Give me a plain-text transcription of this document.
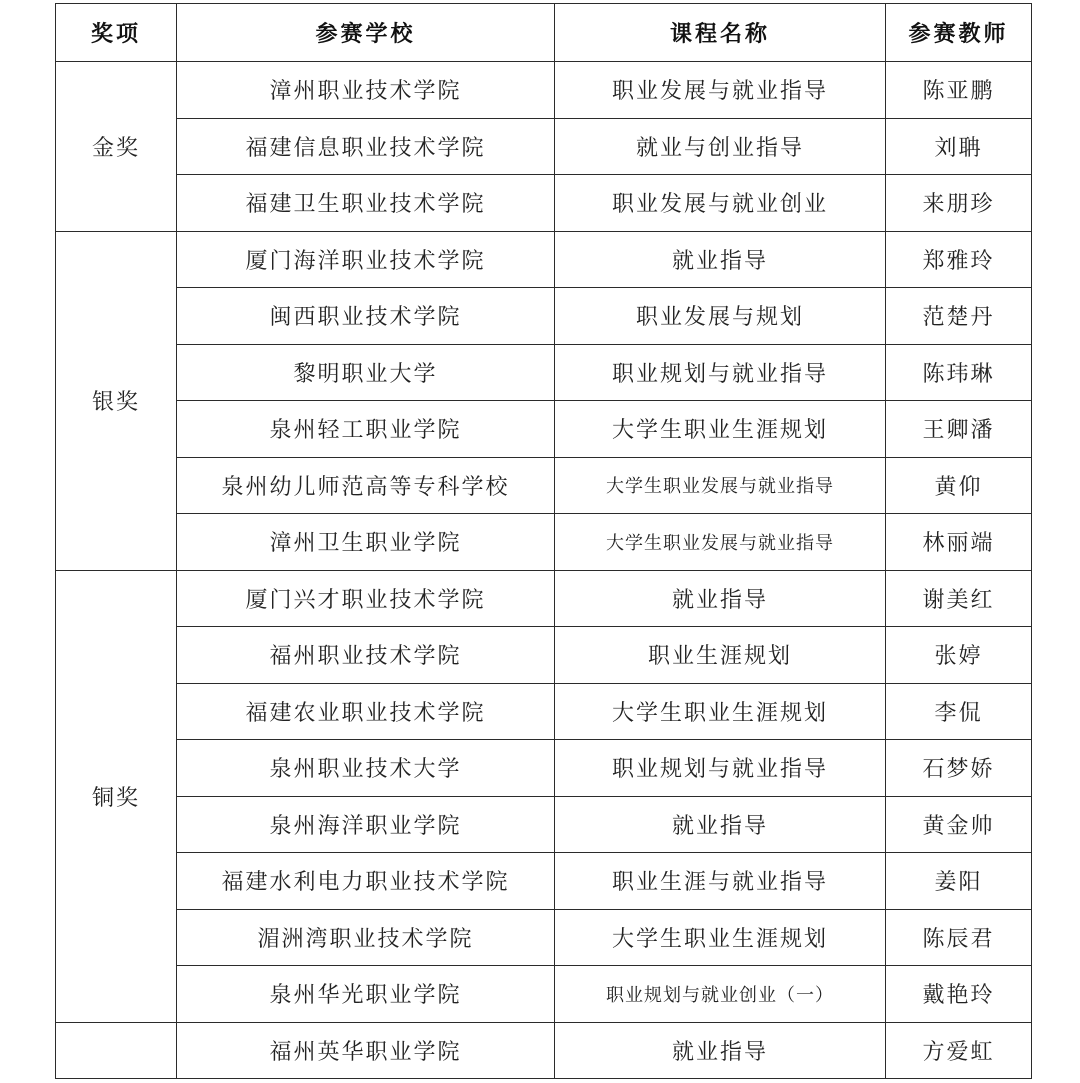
奖项	参赛学校	课程名称	参赛教师
金奖	漳州职业技术学院	职业发展与就业指导	陈亚鹏
	福建信息职业技术学院	就业与创业指导	刘聃
	福建卫生职业技术学院	职业发展与就业创业	来朋珍
银奖	厦门海洋职业技术学院	就业指导	郑雅玲
	闽西职业技术学院	职业发展与规划	范楚丹
	黎明职业大学	职业规划与就业指导	陈玮琳
	泉州轻工职业学院	大学生职业生涯规划	王卿潘
	泉州幼儿师范高等专科学校	大学生职业发展与就业指导	黄仰
	漳州卫生职业学院	大学生职业发展与就业指导	林丽端
铜奖	厦门兴才职业技术学院	就业指导	谢美红
	福州职业技术学院	职业生涯规划	张婷
	福建农业职业技术学院	大学生职业生涯规划	李侃
	泉州职业技术大学	职业规划与就业指导	石梦娇
	泉州海洋职业学院	就业指导	黄金帅
	福建水利电力职业技术学院	职业生涯与就业指导	姜阳
	湄洲湾职业技术学院	大学生职业生涯规划	陈辰君
	泉州华光职业学院	职业规划与就业创业（一）	戴艳玲
	福州英华职业学院	就业指导	方爱虹
